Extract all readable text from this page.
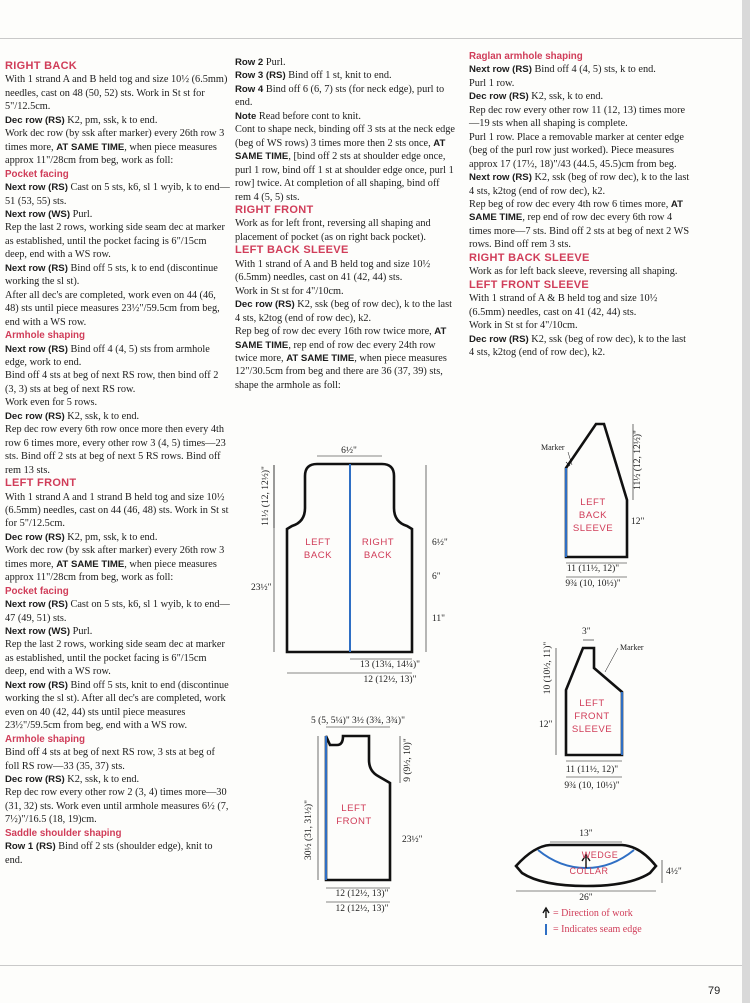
RIGHT BACK

With 1 strand A and B held tog and size 10½ (6.5mm) needles, cast on 48 (50, 52) sts. Work in St st for 5"/12.5cm.

Dec row (RS) K2, pm, ssk, k to end.

Work dec row (by ssk after marker) every 26th row 3 times more, AT SAME TIME, when piece measures approx 11"/28cm from beg, work as foll:

Pocket facing

Next row (RS) Cast on 5 sts, k6, sl 1 wyib, k to end—51 (53, 55) sts.

Next row (WS) Purl.

Rep the last 2 rows, working side seam dec at marker as established, until the pocket facing is 6"/15cm deep, end with a WS row.

Next row (RS) Bind off 5 sts, k to end (discontinue working the sl st).

After all dec's are completed, work even on 44 (46, 48) sts until piece measures 23½"/59.5cm from beg, end with a WS row.

Armhole shaping

Next row (RS) Bind off 4 (4, 5) sts from armhole edge, work to end.

Bind off 4 sts at beg of next RS row, then bind off 2 (3, 3) sts at beg of next RS row.

Work even for 5 rows.

Dec row (RS) K2, ssk, k to end.

Rep dec row every 6th row once more then every 4th row 6 times more, every other row 3 (4, 5) times—23 sts. Bind off 2 sts at beg of next 5 RS rows. Bind off rem 13 sts.

LEFT FRONT

With 1 strand A and 1 strand B held tog and size 10½ (6.5mm) needles, cast on 44 (46, 48) sts. Work in St st for 5"/12.5cm.

Dec row (RS) K2, pm, ssk, k to end.

Work dec row (by ssk after marker) every 26th row 3 times more, AT SAME TIME, when piece measures approx 11"/28cm from beg, work as foll:

Pocket facing

Next row (RS) Cast on 5 sts, k6, sl 1 wyib, k to end—47 (49, 51) sts.

Next row (WS) Purl.

Rep the last 2 rows, working side seam dec at marker as established, until the pocket facing is 6"/15cm deep, end with a WS row.

Next row (RS) Bind off 5 sts, knit to end (discontinue working the sl st). After all dec's are completed, work even on 40 (42, 44) sts until piece measures 23½"/59.5cm from beg, end with a WS row.

Armhole shaping

Bind off 4 sts at beg of next RS row, 3 sts at beg of foll RS row—33 (35, 37) sts.

Dec row (RS) K2, ssk, k to end.

Rep dec row every other row 2 (3, 4) times more—30 (31, 32) sts. Work even until armhole measures 6½ (7, 7½)"/16.5 (18, 19)cm.

Saddle shoulder shaping

Row 1 (RS) Bind off 2 sts (shoulder edge), knit to end.

Row 2 Purl.

Row 3 (RS) Bind off 1 st, knit to end.

Row 4 Bind off 6 (6, 7) sts (for neck edge), purl to end.

Note Read before cont to knit.

Cont to shape neck, binding off 3 sts at the neck edge (beg of WS rows) 3 times more then 2 sts once, AT SAME TIME, [bind off 2 sts at shoulder edge once, purl 1 row, bind off 1 st at shoulder edge once, purl 1 row] twice. At completion of all shaping, bind off rem 4 (5, 5) sts.

RIGHT FRONT

Work as for left front, reversing all shaping and placement of pocket (as on right back pocket).

LEFT BACK SLEEVE

With 1 strand of A and B held tog and size 10½ (6.5mm) needles, cast on 41 (42, 44) sts.

Work in St st for 4"/10cm.

Dec row (RS) K2, ssk (beg of row dec), k to the last 4 sts, k2tog (end of row dec), k2.

Rep beg of row dec every 16th row twice more, AT SAME TIME, rep end of row dec every 24th row twice more, AT SAME TIME, when piece measures 12"/30.5cm from beg and there are 36 (37, 39) sts, shape the armhole as foll:

Raglan armhole shaping

Next row (RS) Bind off 4 (4, 5) sts, k to end.

Purl 1 row.

Dec row (RS) K2, ssk, k to end.

Rep dec row every other row 11 (12, 13) times more—19 sts when all shaping is complete.

Purl 1 row. Place a removable marker at center edge (beg of the purl row just worked). Piece measures approx 17 (17½, 18)"/43 (44.5, 45.5)cm from beg.

Next row (RS) K2, ssk (beg of row dec), k to the last 4 sts, k2tog (end of row dec), k2.

Rep beg of row dec every 4th row 6 times more, AT SAME TIME, rep end of row dec every 6th row 4 times more—7 sts. Bind off 2 sts at beg of next 2 WS rows. Bind off rem 3 sts.

RIGHT BACK SLEEVE

Work as for left back sleeve, reversing all shaping.

LEFT FRONT SLEEVE

With 1 strand of A & B held tog and size 10½ (6.5mm) needles, cast on 41 (42, 44) sts.

Work in St st for 4"/10cm.

Dec row (RS) K2, ssk (beg of row dec), k to the last 4 sts, k2tog (end of row dec), k2.

6½"
11½ (12, 12½)"
23½"
LEFT
BACK
RIGHT
BACK
6½"
6"
11"
13 (13¼, 14¼)"
12 (12½, 13)"
5 (5, 5¼)" 3½ (3¾, 3¾)"
9 (9½, 10)"
23½"
30½ (31, 31½)"	LEFT
FRONT
12 (12½, 13)"
12 (12½, 13)"
Marker	11½ (12, 12½)"
12"
LEFT
BACK
SLEEVE
11 (11½, 12)"
9¾ (10, 10½)"
3"
Marker
10 (10½, 11)"
12"
LEFT
FRONT
SLEEVE
11 (11½, 12)"
9¾ (10, 10½)"
13"
WEDGE
COLLAR	4½"
26"
= Direction of work
= Indicates seam edge
79
